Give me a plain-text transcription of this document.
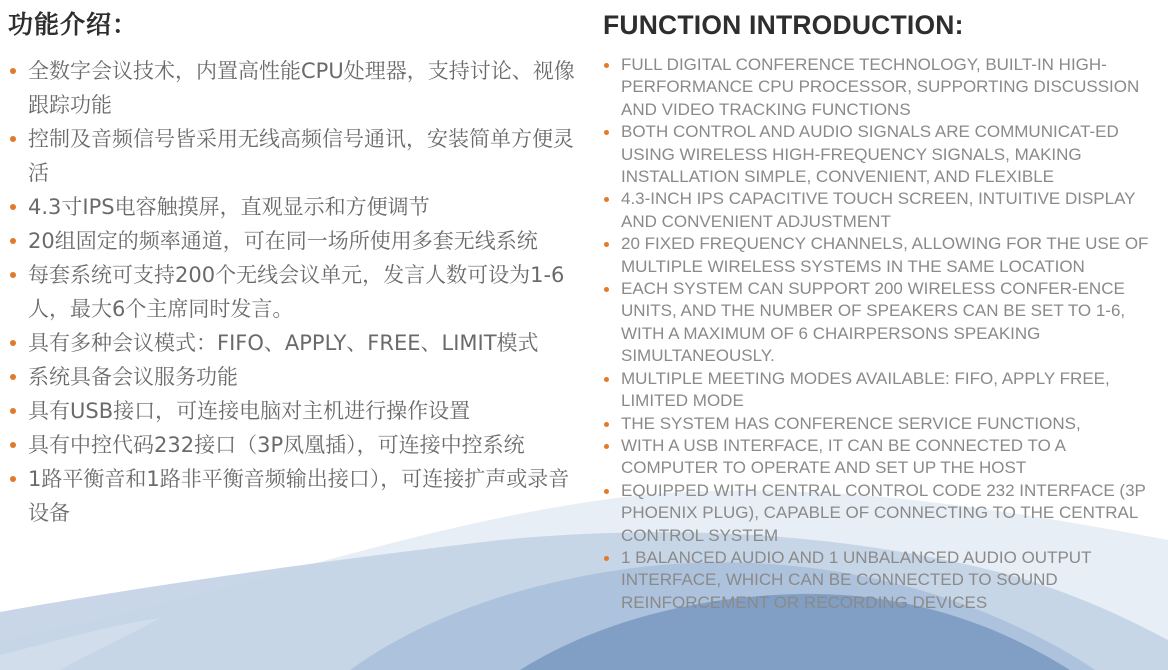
功能介绍：
全数字会议技术，内置高性能CPU处理器，支持讨论、视像跟踪功能
控制及音频信号皆采用无线高频信号通讯，安装简单方便灵活
4.3寸IPS电容触摸屏，直观显示和方便调节
20组固定的频率通道，可在同一场所使用多套无线系统
每套系统可支持200个无线会议单元，发言人数可设为1-6人，最大6个主席同时发言。
具有多种会议模式：FIFO、APPLY、FREE、LIMIT模式
系统具备会议服务功能
具有USB接口，可连接电脑对主机进行操作设置
具有中控代码232接口（3P凤凰插），可连接中控系统
1路平衡音和1路非平衡音频输出接口），可连接扩声或录音设备
FUNCTION INTRODUCTION:
FULL DIGITAL CONFERENCE TECHNOLOGY, BUILT-IN HIGH-PERFORMANCE CPU PROCESSOR, SUPPORTING DISCUSSION AND VIDEO TRACKING FUNCTIONS
BOTH CONTROL AND AUDIO SIGNALS ARE COMMUNICAT-ED USING WIRELESS HIGH-FREQUENCY SIGNALS, MAKING INSTALLATION SIMPLE, CONVENIENT, AND FLEXIBLE
4.3-INCH IPS CAPACITIVE TOUCH SCREEN, INTUITIVE DISPLAY AND CONVENIENT ADJUSTMENT
20 FIXED FREQUENCY CHANNELS, ALLOWING FOR THE USE OF MULTIPLE WIRELESS SYSTEMS IN THE SAME LOCATION
EACH SYSTEM CAN SUPPORT 200 WIRELESS CONFER-ENCE UNITS, AND THE NUMBER OF SPEAKERS CAN BE SET TO 1-6, WITH A MAXIMUM OF 6 CHAIRPERSONS SPEAKING SIMULTANEOUSLY.
MULTIPLE MEETING MODES AVAILABLE: FIFO, APPLY FREE, LIMITED MODE
THE SYSTEM HAS CONFERENCE SERVICE FUNCTIONS,
WITH A USB INTERFACE, IT CAN BE CONNECTED TO A COMPUTER TO OPERATE AND SET UP THE HOST
EQUIPPED WITH CENTRAL CONTROL CODE 232 INTERFACE (3P PHOENIX PLUG), CAPABLE OF CONNECTING TO THE CENTRAL CONTROL SYSTEM
1 BALANCED AUDIO AND 1 UNBALANCED AUDIO OUTPUT INTERFACE, WHICH CAN BE CONNECTED TO SOUND REINFORCEMENT OR RECORDING DEVICES
